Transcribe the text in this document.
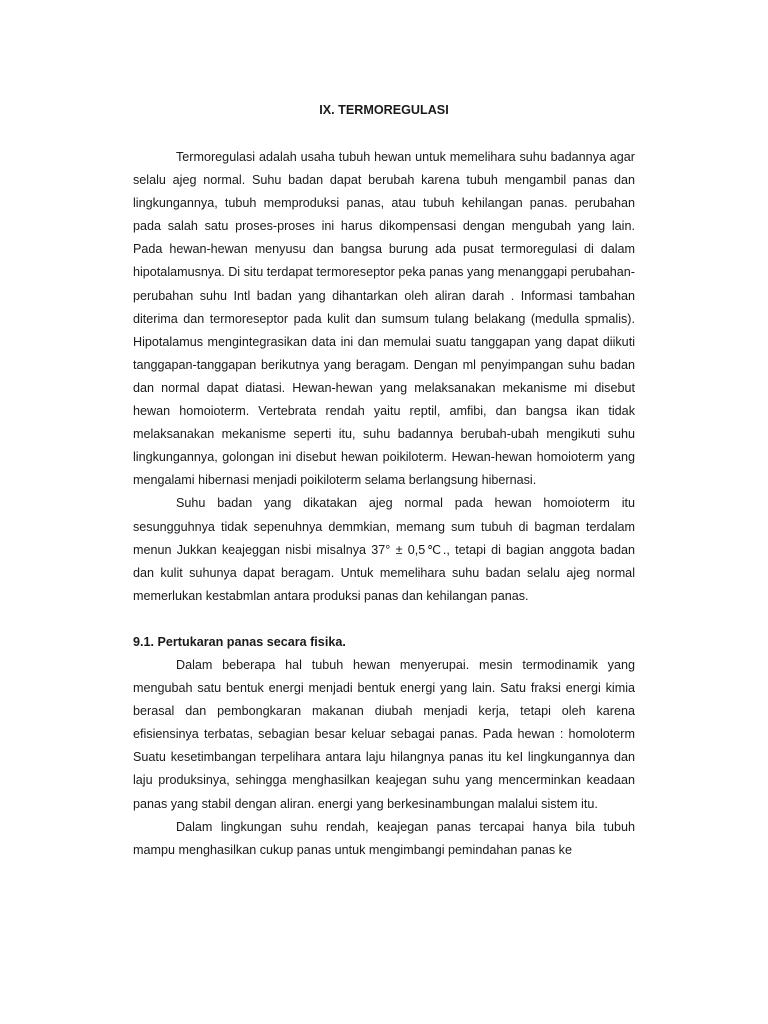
IX. TERMOREGULASI

Termoregulasi adalah usaha tubuh hewan untuk memelihara suhu badannya agar selalu ajeg normal. Suhu badan dapat berubah karena tubuh mengambil panas dan lingkungannya, tubuh memproduksi panas, atau tubuh kehilangan panas. perubahan pada salah satu proses-proses ini harus dikompensasi dengan mengubah yang lain. Pada hewan-hewan menyusu dan bangsa burung ada pusat termoregulasi di dalam hipotalamusnya. Di situ terdapat termoreseptor peka panas yang menanggapi perubahan-perubahan suhu Intl badan yang dihantarkan oleh aliran darah . Informasi tambahan diterima dan termoreseptor pada kulit dan sumsum tulang belakang (medulla spmalis). Hipotalamus mengintegrasikan data ini dan memulai suatu tanggapan yang dapat diikuti tanggapan-tanggapan berikutnya yang beragam. Dengan ml penyimpangan suhu badan dan normal dapat diatasi. Hewan-hewan yang melaksanakan mekanisme mi disebut hewan homoioterm. Vertebrata rendah yaitu reptil, amfibi, dan bangsa ikan tidak melaksanakan mekanisme seperti itu, suhu badannya berubah-ubah mengikuti suhu lingkungannya, golongan ini disebut hewan poikiloterm. Hewan-hewan homoioterm yang mengalami hibernasi menjadi poikiloterm selama berlangsung hibernasi.

Suhu badan yang dikatakan ajeg normal pada hewan homoioterm itu sesungguhnya tidak sepenuhnya demmkian, memang sum tubuh di bagman terdalam menun Jukkan keajeggan nisbi misalnya 37° ± 0,5℃., tetapi di bagian anggota badan dan kulit suhunya dapat beragam. Untuk memelihara suhu badan selalu ajeg normal memerlukan kestabmlan antara produksi panas dan kehilangan panas.

9.1. Pertukaran panas secara fisika.

Dalam beberapa hal tubuh hewan menyerupai. mesin termodinamik yang mengubah satu bentuk energi menjadi bentuk energi yang lain. Satu fraksi energi kimia berasal dan pembongkaran makanan diubah menjadi kerja, tetapi oleh karena efisiensinya terbatas, sebagian besar keluar sebagai panas. Pada hewan : homoloterm Suatu kesetimbangan terpelihara antara laju hilangnya panas itu keI lingkungannya dan laju produksinya, sehingga menghasilkan keajegan suhu yang mencerminkan keadaan panas yang stabil dengan aliran. energi yang berkesinambungan malalui sistem itu.

Dalam lingkungan suhu rendah, keajegan panas tercapai hanya bila tubuh mampu menghasilkan cukup panas untuk mengimbangi pemindahan panas ke
